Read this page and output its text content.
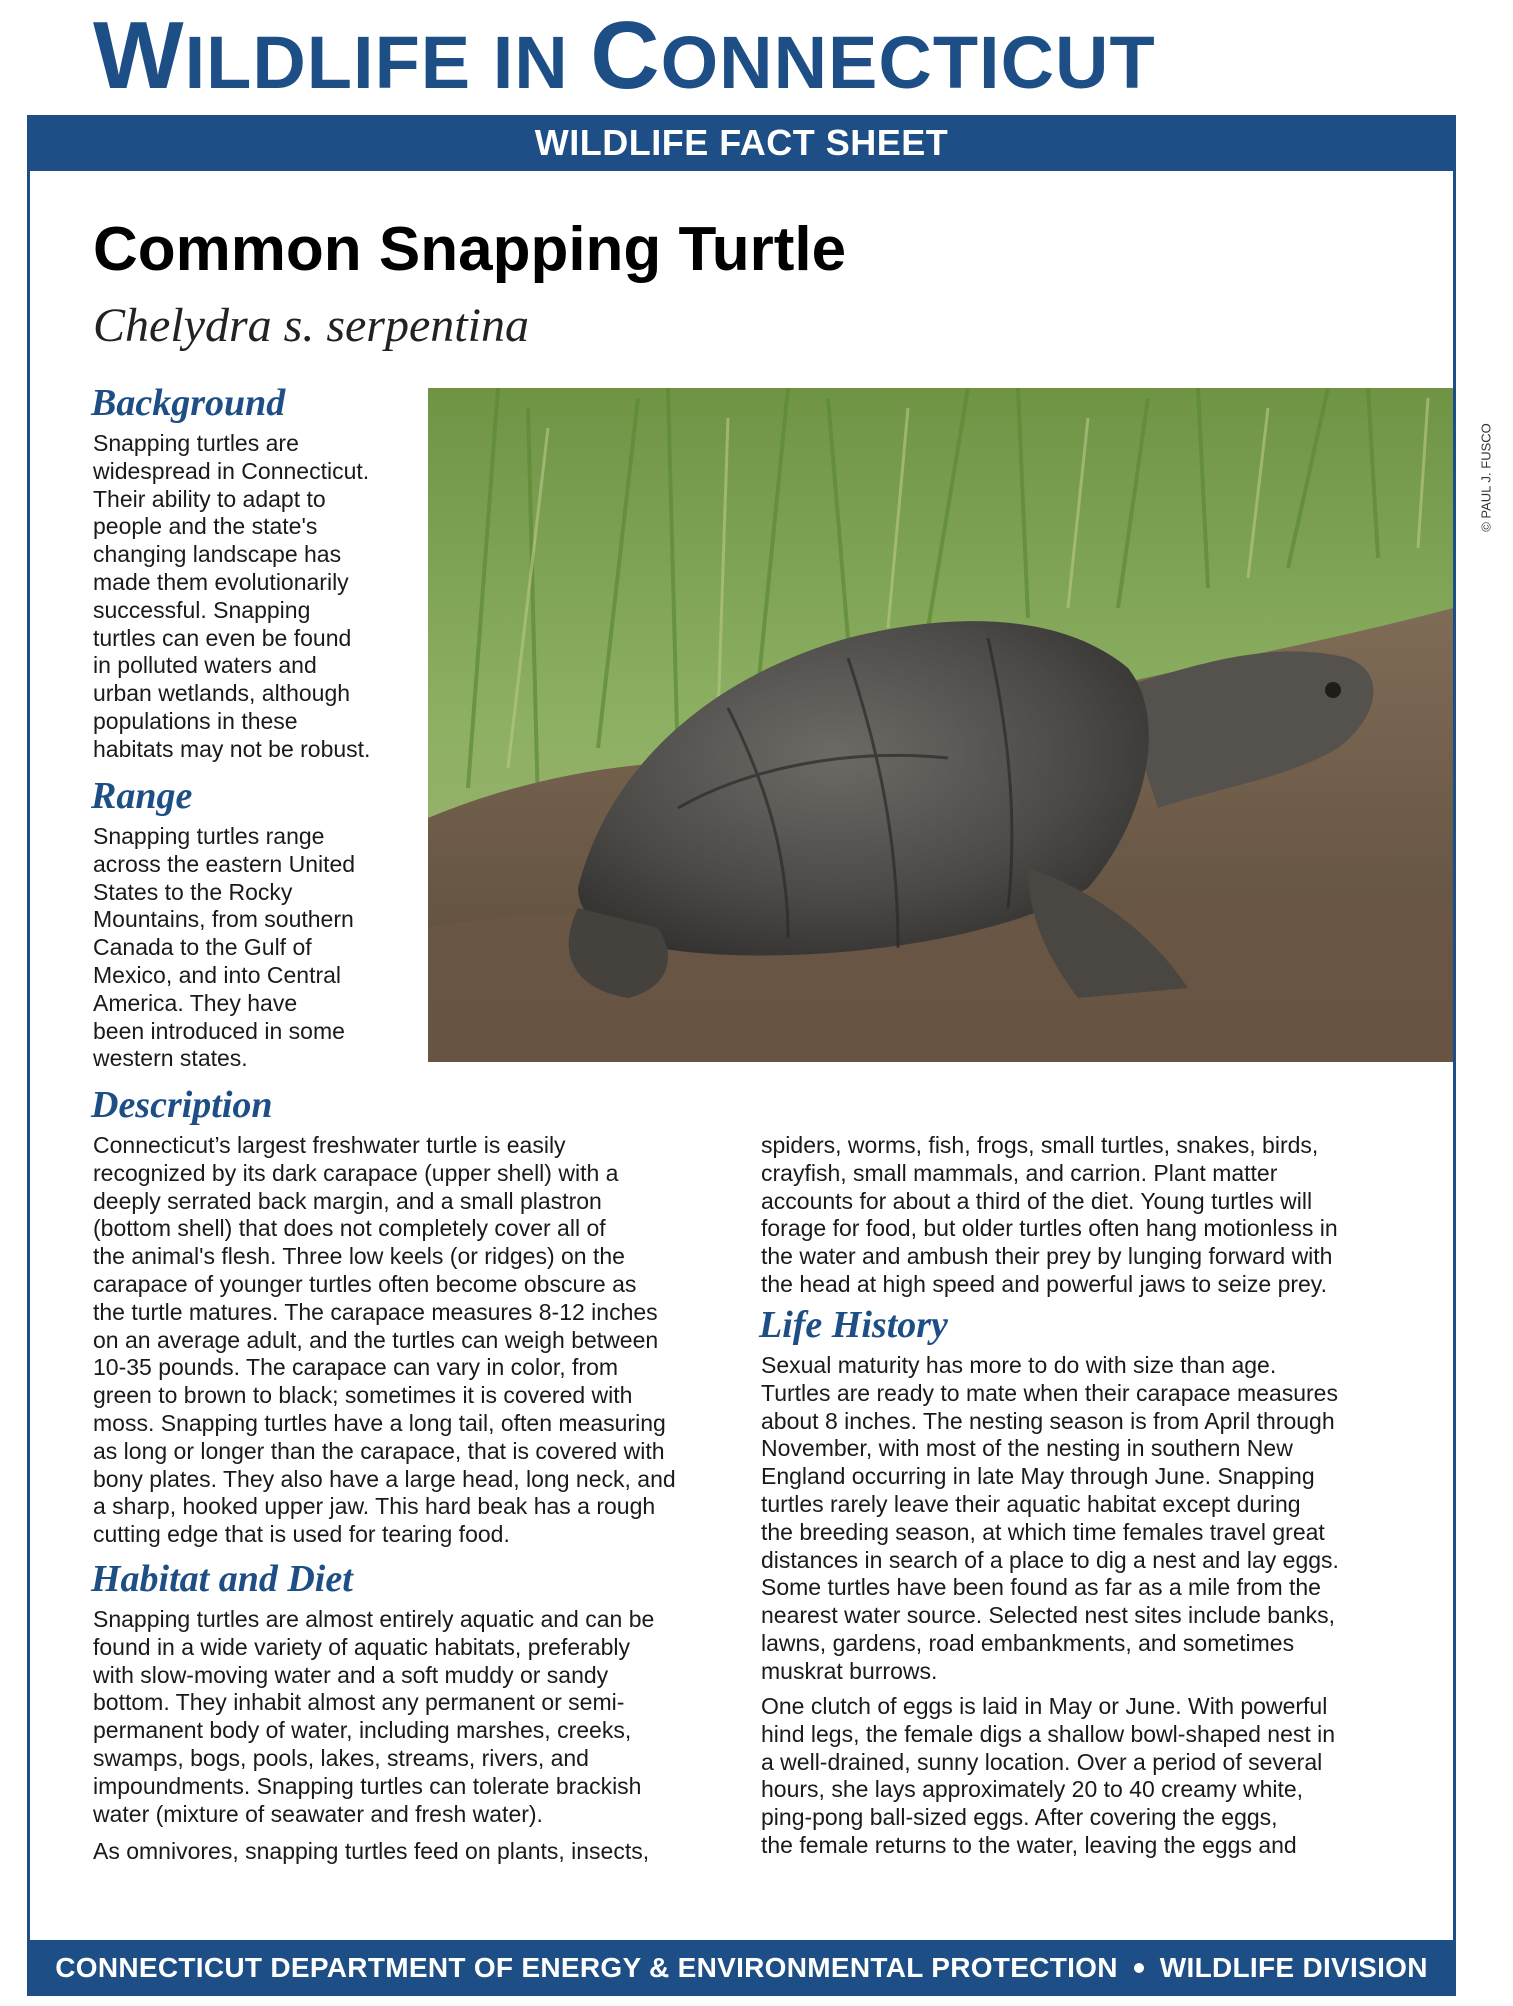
WILDLIFE IN CONNECTICUT
WILDLIFE FACT SHEET
Common Snapping Turtle
Chelydra s. serpentina
© PAUL J. FUSCO
Background
Snapping turtles are
widespread in Connecticut.
Their ability to adapt to
people and the state's
changing landscape has
made them evolutionarily
successful. Snapping
turtles can even be found
in polluted waters and
urban wetlands, although
populations in these
habitats may not be robust.
Range
Snapping turtles range
across the eastern United
States to the Rocky
Mountains, from southern
Canada to the Gulf of
Mexico, and into Central
America. They have
been introduced in some
western states.
Description
Connecticut’s largest freshwater turtle is easily
recognized by its dark carapace (upper shell) with a
deeply serrated back margin, and a small plastron
(bottom shell) that does not completely cover all of
the animal's flesh. Three low keels (or ridges) on the
carapace of younger turtles often become obscure as
the turtle matures. The carapace measures 8-12 inches
on an average adult, and the turtles can weigh between
10-35 pounds. The carapace can vary in color, from
green to brown to black; sometimes it is covered with
moss. Snapping turtles have a long tail, often measuring
as long or longer than the carapace, that is covered with
bony plates. They also have a large head, long neck, and
a sharp, hooked upper jaw. This hard beak has a rough
cutting edge that is used for tearing food.
Habitat and Diet
Snapping turtles are almost entirely aquatic and can be
found in a wide variety of aquatic habitats, preferably
with slow-moving water and a soft muddy or sandy
bottom. They inhabit almost any permanent or semi-
permanent body of water, including marshes, creeks,
swamps, bogs, pools, lakes, streams, rivers, and
impoundments. Snapping turtles can tolerate brackish
water (mixture of seawater and fresh water).
As omnivores, snapping turtles feed on plants, insects,
spiders, worms, fish, frogs, small turtles, snakes, birds,
crayfish, small mammals, and carrion. Plant matter
accounts for about a third of the diet. Young turtles will
forage for food, but older turtles often hang motionless in
the water and ambush their prey by lunging forward with
the head at high speed and powerful jaws to seize prey.
Life History
Sexual maturity has more to do with size than age.
Turtles are ready to mate when their carapace measures
about 8 inches. The nesting season is from April through
November, with most of the nesting in southern New
England occurring in late May through June. Snapping
turtles rarely leave their aquatic habitat except during
the breeding season, at which time females travel great
distances in search of a place to dig a nest and lay eggs.
Some turtles have been found as far as a mile from the
nearest water source. Selected nest sites include banks,
lawns, gardens, road embankments, and sometimes
muskrat burrows.
One clutch of eggs is laid in May or June. With powerful
hind legs, the female digs a shallow bowl-shaped nest in
a well-drained, sunny location. Over a period of several
hours, she lays approximately 20 to 40 creamy white,
ping-pong ball-sized eggs. After covering the eggs,
the female returns to the water, leaving the eggs and
CONNECTICUT DEPARTMENT OF ENERGY & ENVIRONMENTAL PROTECTION WILDLIFE DIVISION
